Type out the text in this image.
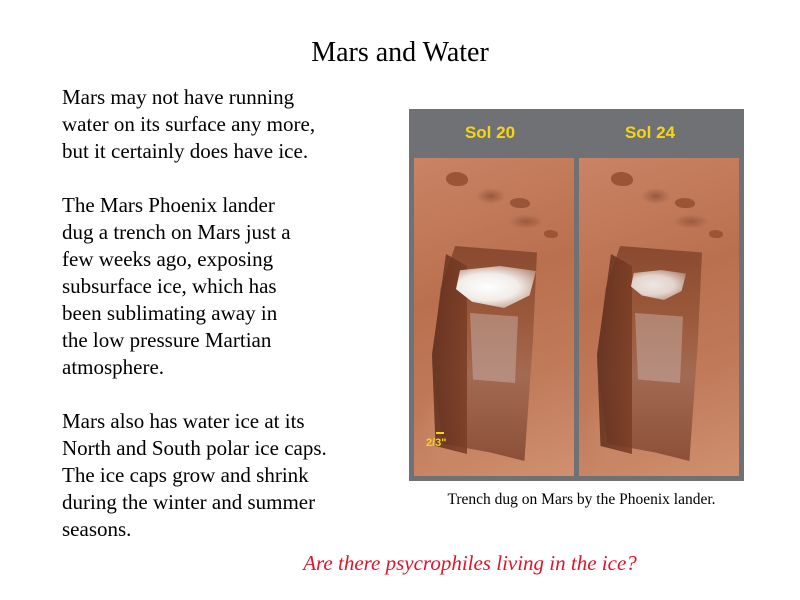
Mars and Water

Mars may not have running
water on its surface any more,
but it certainly does have ice.

The Mars Phoenix lander
dug a trench on Mars just a
few weeks ago, exposing
subsurface ice, which has
been sublimating away in
the low pressure Martian
atmosphere.

Mars also has water ice at its
North and South polar ice caps.
The ice caps grow and shrink
during the winter and summer
seasons.

Sol 20	Sol 24
2/3"
Trench dug on Mars by the Phoenix lander.
Are there psycrophiles living in the ice?
